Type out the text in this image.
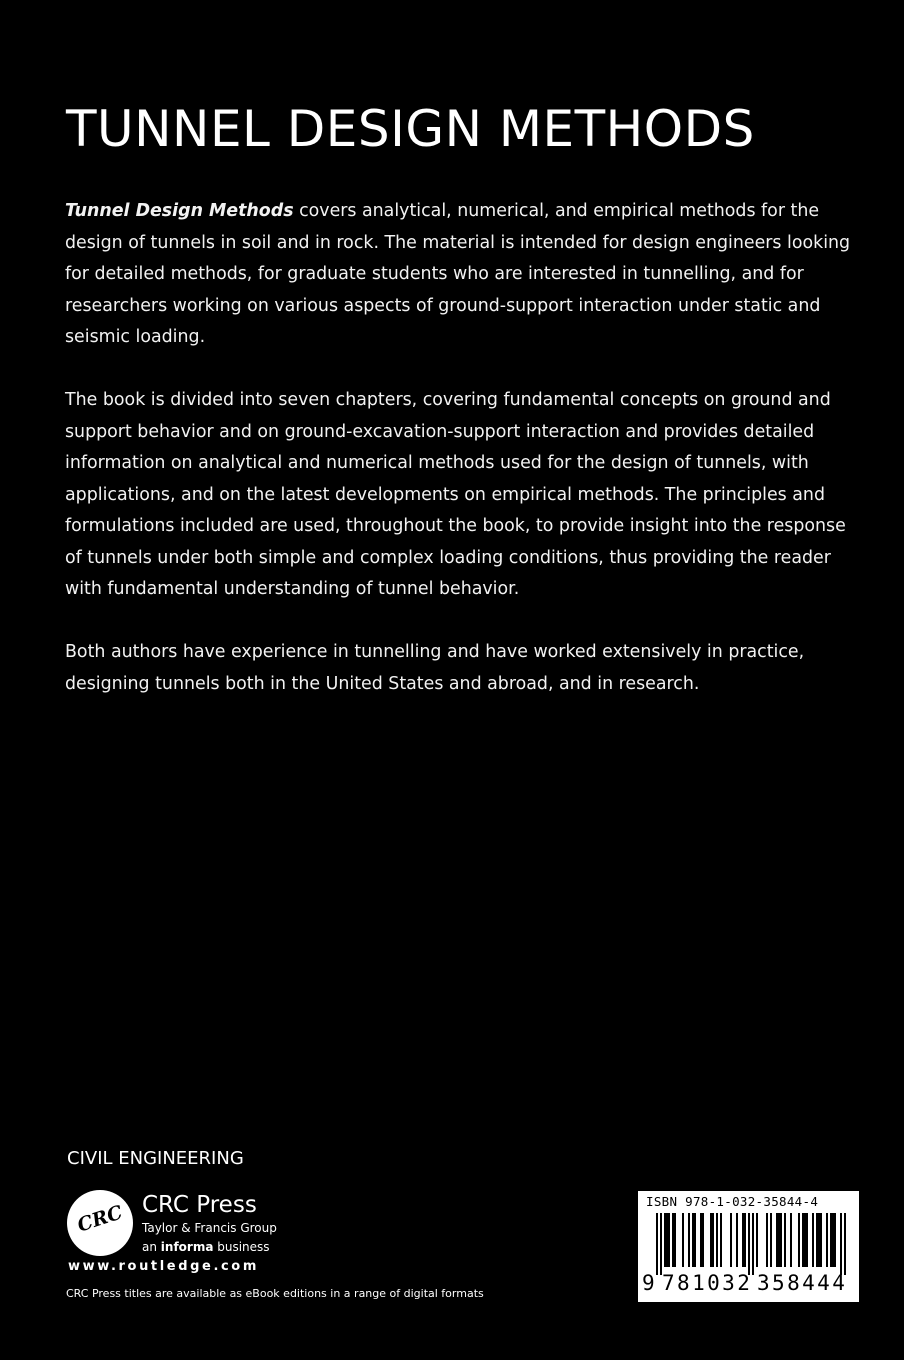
TUNNEL DESIGN METHODS

Tunnel Design Methods covers analytical, numerical, and empirical methods for the design of tunnels in soil and in rock. The material is intended for design engineers looking for detailed methods, for graduate students who are interested in tunnelling, and for researchers working on various aspects of ground-support interaction under static and seismic loading.

The book is divided into seven chapters, covering fundamental concepts on ground and support behavior and on ground-excavation-support interaction and provides detailed information on analytical and numerical methods used for the design of tunnels, with applications, and on the latest developments on empirical methods. The principles and formulations included are used, throughout the book, to provide insight into the response of tunnels under both simple and complex loading conditions, thus providing the reader with fundamental understanding of tunnel behavior.

Both authors have experience in tunnelling and have worked extensively in practice, designing tunnels both in the United States and abroad, and in research.

CIVIL ENGINEERING
CRC CRC Press
Taylor & Francis Group
an informa business
www.routledge.com
CRC Press titles are available as eBook editions in a range of digital formats
ISBN 978-1-032-35844-4
9 781032 358444
